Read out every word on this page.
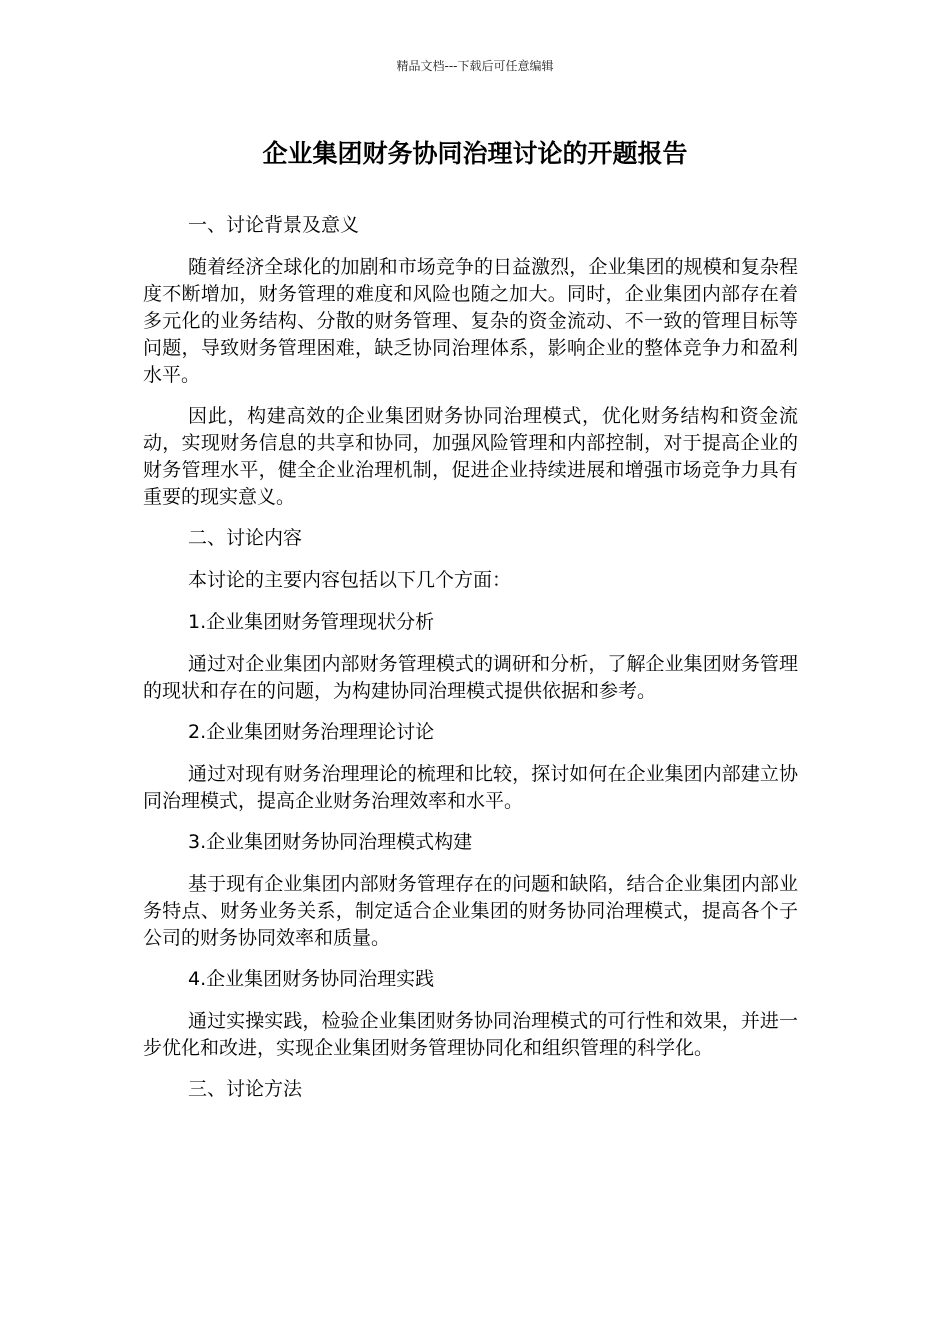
精品文档---下载后可任意编辑
企业集团财务协同治理讨论的开题报告

一、讨论背景及意义

随着经济全球化的加剧和市场竞争的日益激烈，企业集团的规模和复杂程度不断增加，财务管理的难度和风险也随之加大。同时，企业集团内部存在着多元化的业务结构、分散的财务管理、复杂的资金流动、不一致的管理目标等问题，导致财务管理困难，缺乏协同治理体系，影响企业的整体竞争力和盈利水平。

因此，构建高效的企业集团财务协同治理模式，优化财务结构和资金流动，实现财务信息的共享和协同，加强风险管理和内部控制，对于提高企业的财务管理水平，健全企业治理机制，促进企业持续进展和增强市场竞争力具有重要的现实意义。

二、讨论内容

本讨论的主要内容包括以下几个方面：

1.企业集团财务管理现状分析

通过对企业集团内部财务管理模式的调研和分析，了解企业集团财务管理的现状和存在的问题，为构建协同治理模式提供依据和参考。

2.企业集团财务治理理论讨论

通过对现有财务治理理论的梳理和比较，探讨如何在企业集团内部建立协同治理模式，提高企业财务治理效率和水平。

3.企业集团财务协同治理模式构建

基于现有企业集团内部财务管理存在的问题和缺陷，结合企业集团内部业务特点、财务业务关系，制定适合企业集团的财务协同治理模式，提高各个子公司的财务协同效率和质量。

4.企业集团财务协同治理实践

通过实操实践，检验企业集团财务协同治理模式的可行性和效果，并进一步优化和改进，实现企业集团财务管理协同化和组织管理的科学化。

三、讨论方法
